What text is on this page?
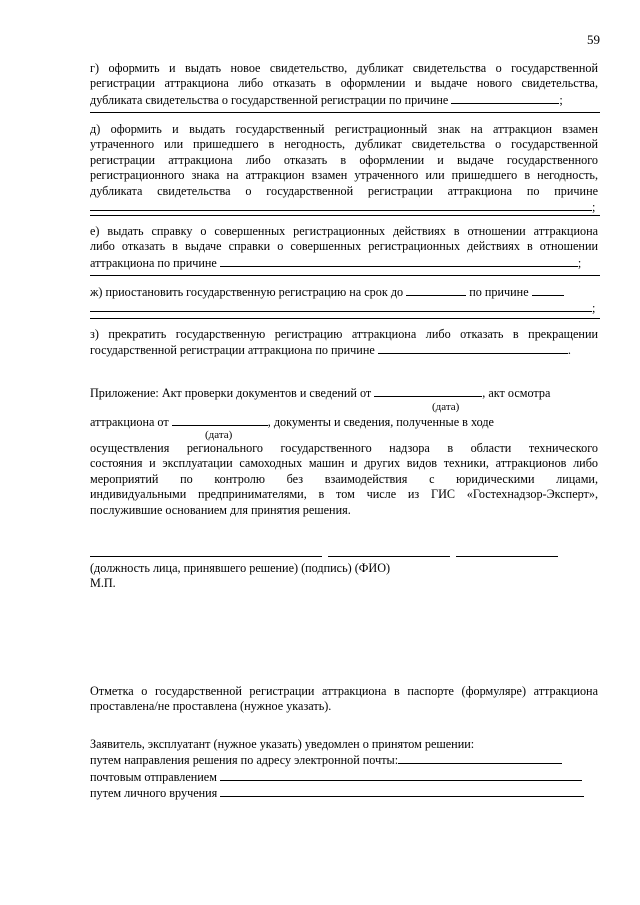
59
г) оформить и выдать новое свидетельство, дубликат свидетельства о государственной
регистрации аттракциона либо отказать в оформлении и выдаче нового свидетельства,
дубликата свидетельства о государственной регистрации по причине	;
д) оформить и выдать государственный регистрационный знак на аттракцион взамен
утраченного или пришедшего в негодность, дубликат свидетельства о государственной
регистрации аттракциона либо отказать в оформлении и выдаче государственного
регистрационного знака на аттракцион взамен утраченного или пришедшего в негодность,
дубликата свидетельства о государственной регистрации аттракциона по причине
;
е) выдать справку о совершенных регистрационных действиях в отношении аттракциона
либо отказать в выдаче справки о совершенных регистрационных действиях в отношении
аттракциона по причине	;
ж) приостановить государственную регистрацию на срок до	по причине
;
з) прекратить государственную регистрацию аттракциона либо отказать в прекращении
государственной регистрации аттракциона по причине	.
Приложение: Акт проверки документов и сведений от	, акт осмотра
(дата)
аттракциона от	, документы и сведения, полученные в ходе
(дата)
осуществления регионального государственного надзора в области технического
состояния и эксплуатации самоходных машин и других видов техники, аттракционов либо
мероприятий по контролю без взаимодействия с юридическими лицами,
индивидуальными предпринимателями, в том числе из ГИС «Гостехнадзор-Эксперт»,
послужившие основанием для принятия решения.
(должность лица, принявшего решение) (подпись) (ФИО)
М.П.
Отметка о государственной регистрации аттракциона в паспорте (формуляре) аттракциона
проставлена/не проставлена (нужное указать).
Заявитель, эксплуатант (нужное указать) уведомлен о принятом решении:
путем направления решения по адресу электронной почты:
почтовым отправлением
путем личного вручения
